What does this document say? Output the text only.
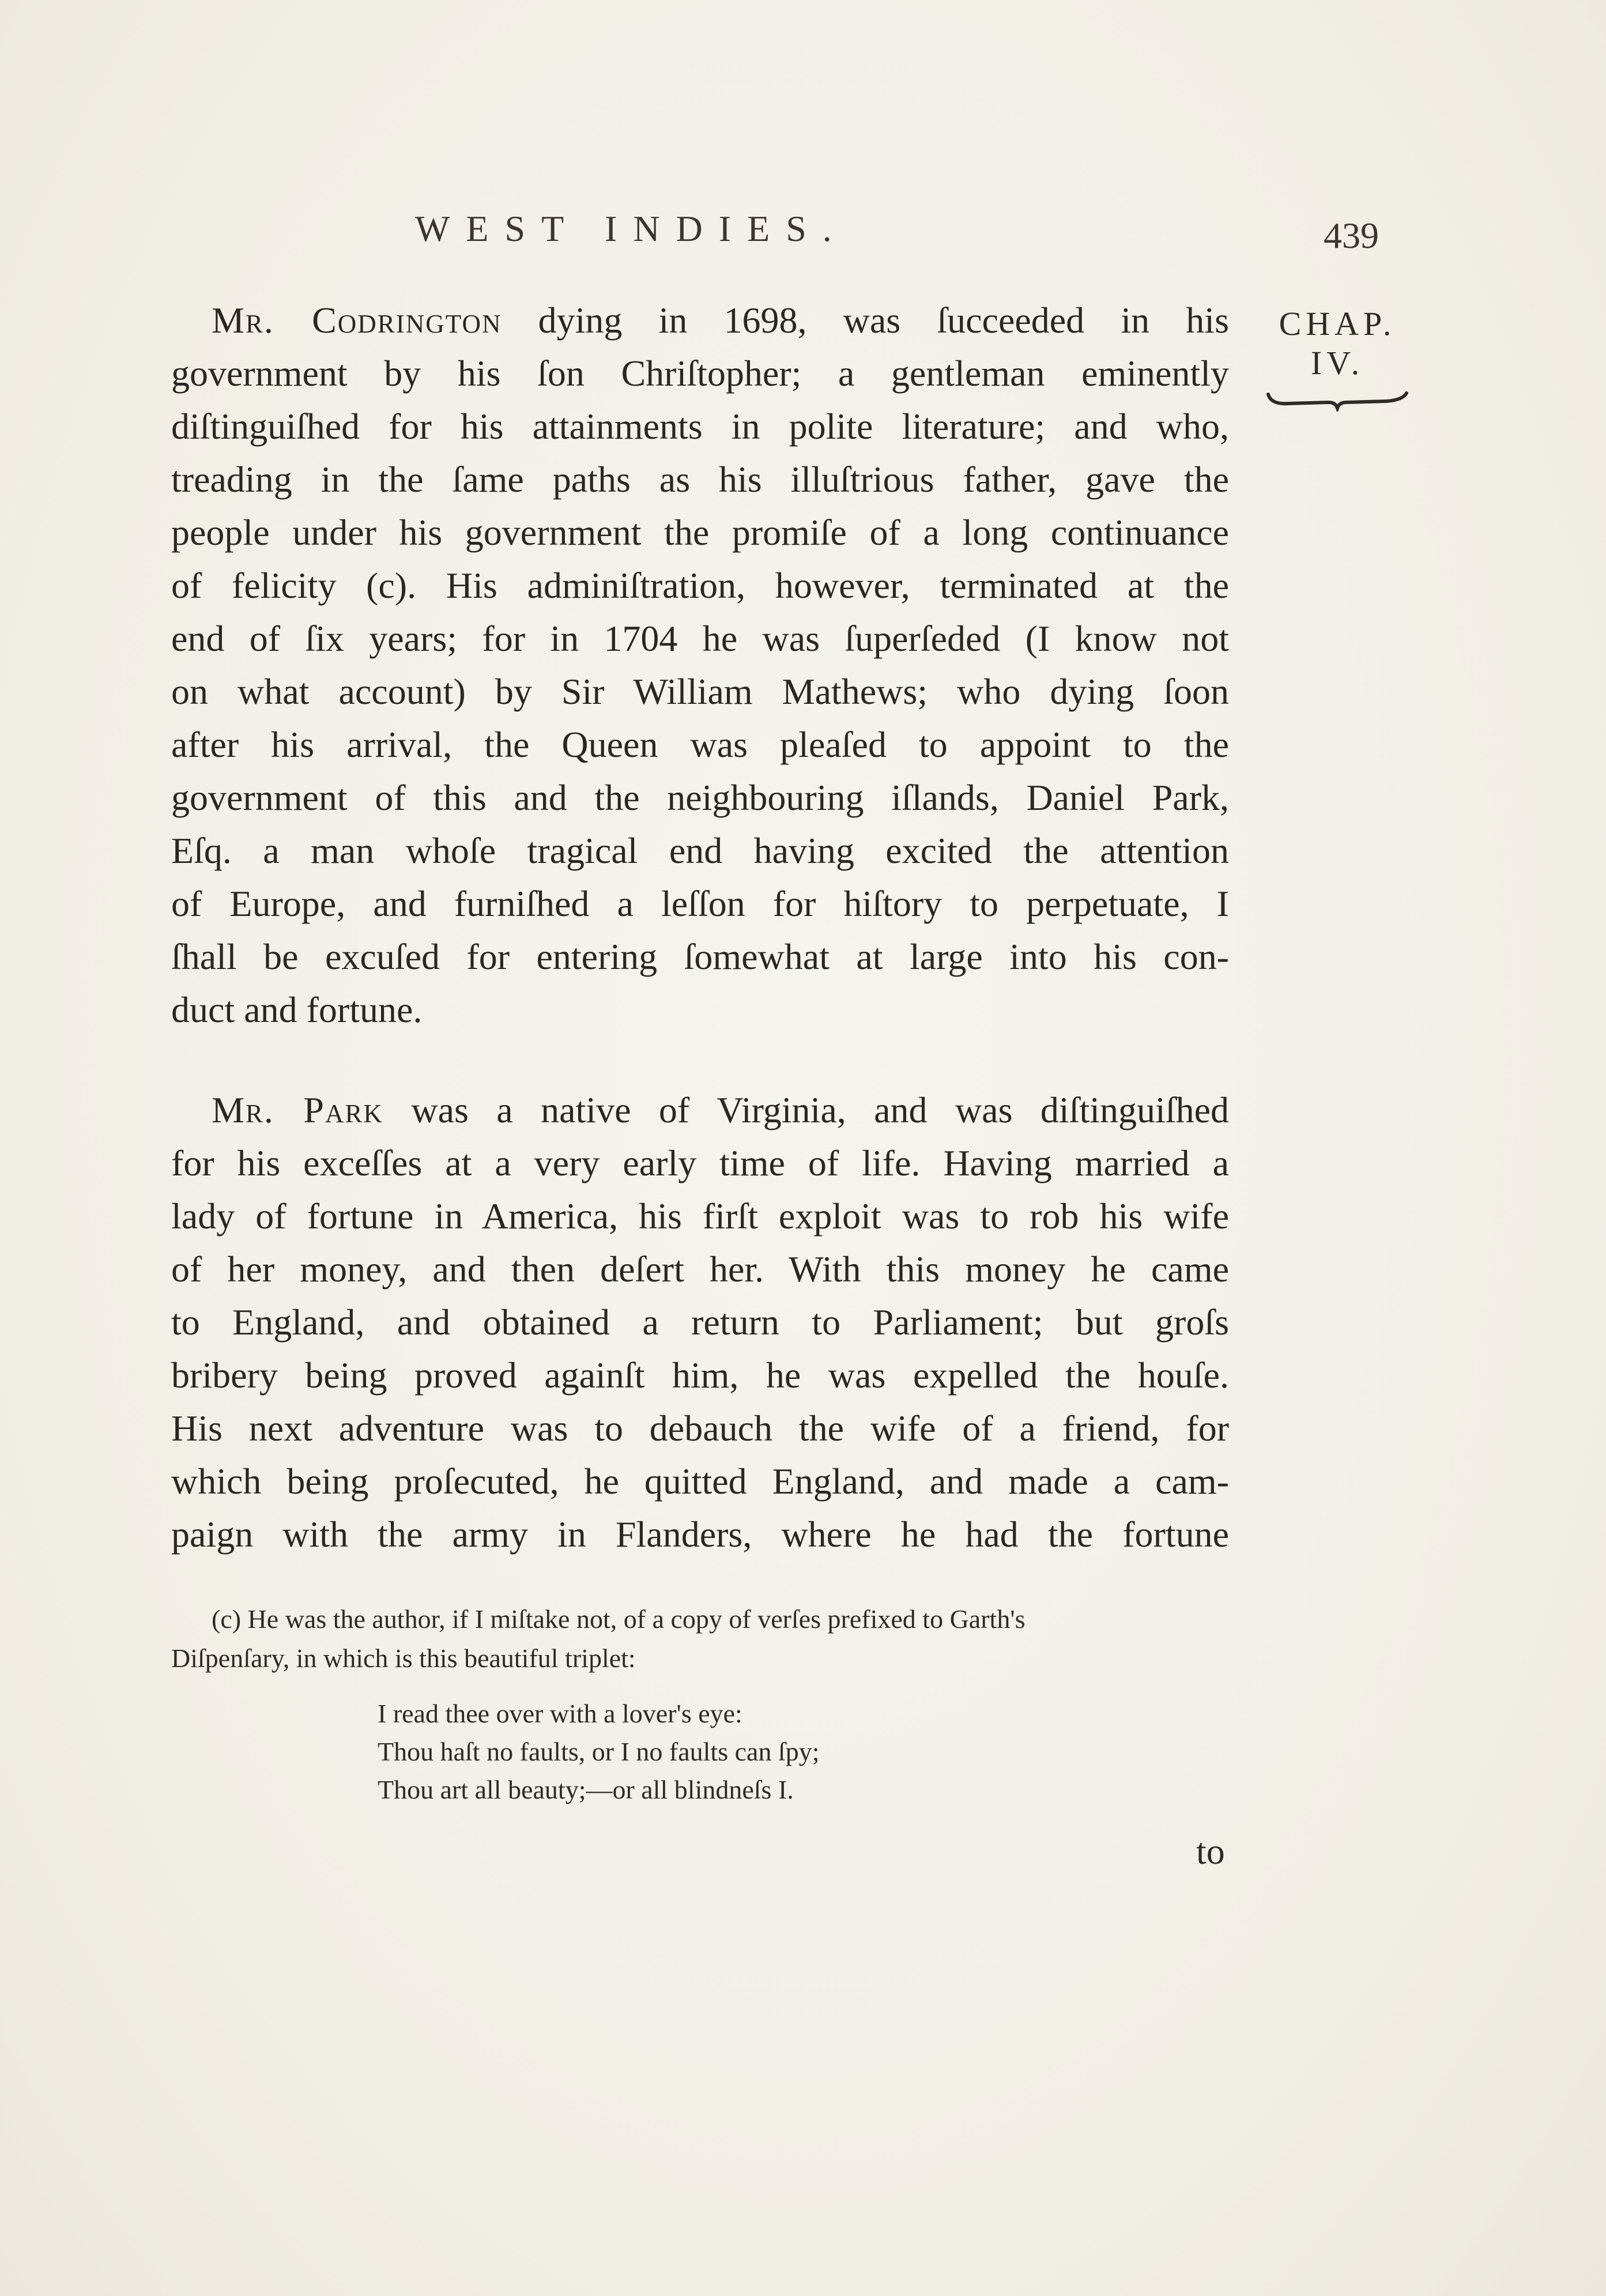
WEST INDIES.	439
CHAP.
IV.
Mr. Codrington dying in 1698, was ſucceeded in his
government by his ſon Chriſtopher; a gentleman eminently
diſtinguiſhed for his attainments in polite literature; and who,
treading in the ſame paths as his illuſtrious father, gave the
people under his government the promiſe of a long continuance
of felicity (c). His adminiſtration, however, terminated at the
end of ſix years; for in 1704 he was ſuperſeded (I know not
on what account) by Sir William Mathews; who dying ſoon
after his arrival, the Queen was pleaſed to appoint to the
government of this and the neighbouring iſlands, Daniel Park,
Eſq. a man whoſe tragical end having excited the attention
of Europe, and furniſhed a leſſon for hiſtory to perpetuate, I
ſhall be excuſed for entering ſomewhat at large into his con-
duct and fortune.
Mr. Park was a native of Virginia, and was diſtinguiſhed
for his exceſſes at a very early time of life. Having married a
lady of fortune in America, his firſt exploit was to rob his wife
of her money, and then deſert her. With this money he came
to England, and obtained a return to Parliament; but groſs
bribery being proved againſt him, he was expelled the houſe.
His next adventure was to debauch the wife of a friend, for
which being proſecuted, he quitted England, and made a cam-
paign with the army in Flanders, where he had the fortune
(c) He was the author, if I miſtake not, of a copy of verſes prefixed to Garth's
Diſpenſary, in which is this beautiful triplet:
I read thee over with a lover's eye:
Thou haſt no faults, or I no faults can ſpy;
Thou art all beauty;—or all blindneſs I.
to
